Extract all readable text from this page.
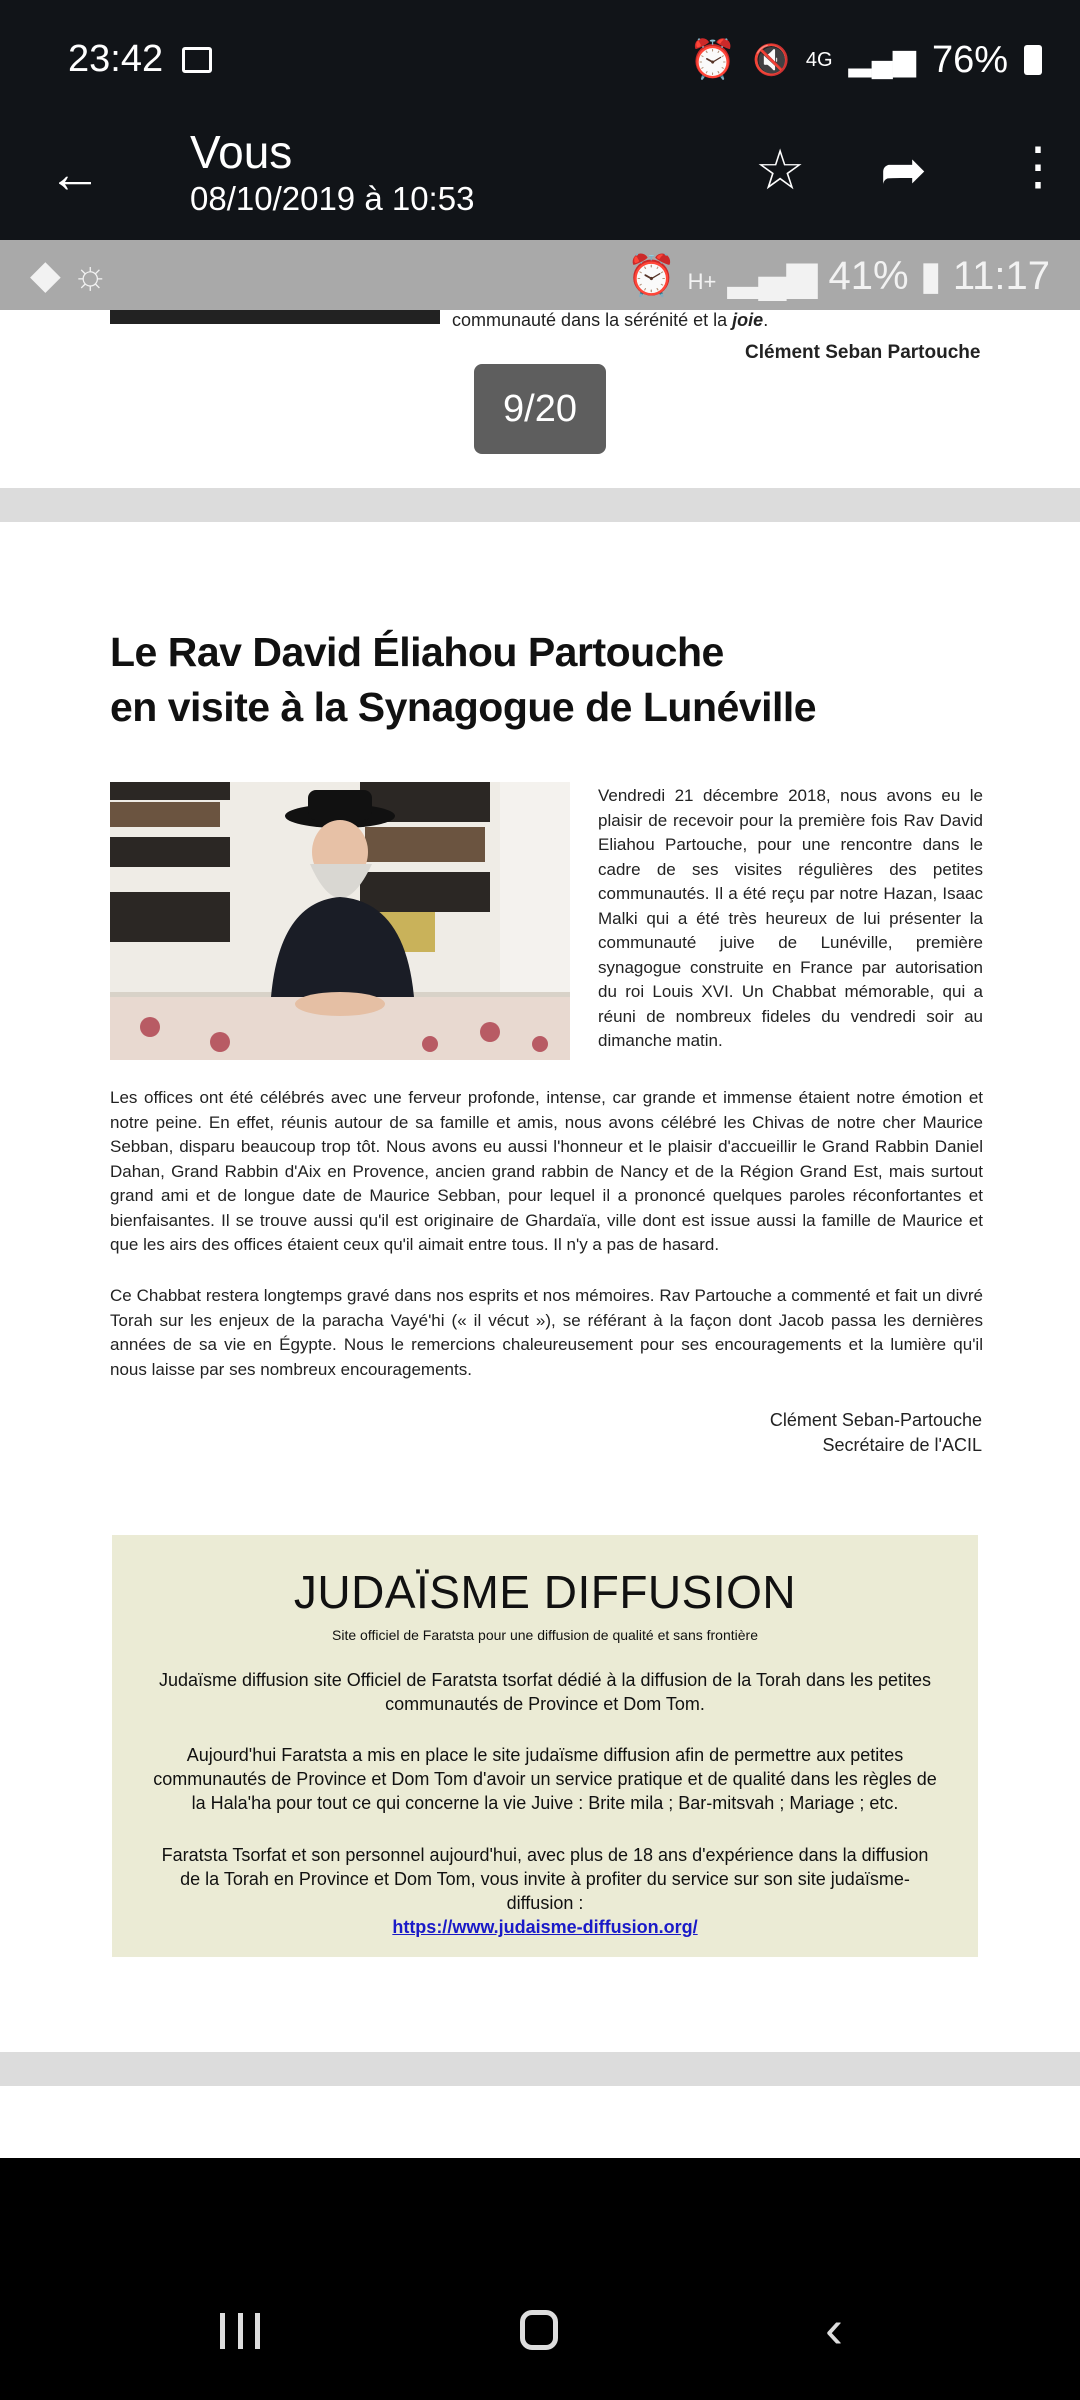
23:42	⏰ 🔇 4G ▂▄▆ 76%
← Vous
08/10/2019 à 10:53	☆ ➦ ⋮
◆ ☼	⏰ H+ ▂▄▆ 41% ▮ 11:17
communauté dans la sérénité et la joie.
Clément Seban Partouche
9/20
Le Rav David Éliahou Partouche
en visite à la Synagogue de Lunéville
Vendredi 21 décembre 2018, nous avons eu le plaisir de recevoir pour la première fois Rav David Eliahou Partouche, pour une rencontre dans le cadre de ses visites régulières des petites communautés. Il a été reçu par notre Hazan, Isaac Malki qui a été très heureux de lui présenter la communauté juive de Lunéville, première synagogue construite en France par autorisation du roi Louis XVI. Un Chabbat mémorable, qui a réuni de nombreux fideles du vendredi soir au dimanche matin.
Les offices ont été célébrés avec une ferveur profonde, intense, car grande et immense étaient notre émotion et notre peine. En effet, réunis autour de sa famille et amis, nous avons célébré les Chivas de notre cher Maurice Sebban, disparu beaucoup trop tôt. Nous avons eu aussi l'honneur et le plaisir d'accueillir le Grand Rabbin Daniel Dahan, Grand Rabbin d'Aix en Provence, ancien grand rabbin de Nancy et de la Région Grand Est, mais surtout grand ami et de longue date de Maurice Sebban, pour lequel il a prononcé quelques paroles réconfortantes et bienfaisantes. Il se trouve aussi qu'il est originaire de Ghardaïa, ville dont est issue aussi la famille de Maurice et que les airs des offices étaient ceux qu'il aimait entre tous. Il n'y a pas de hasard.
Ce Chabbat restera longtemps gravé dans nos esprits et nos mémoires. Rav Partouche a commenté et fait un divré Torah sur les enjeux de la paracha Vayé'hi (« il vécut »), se référant à la façon dont Jacob passa les dernières années de sa vie en Égypte. Nous le remercions chaleureusement pour ses encouragements et la lumière qu'il nous laisse par ses nombreux encouragements.
Clément Seban-Partouche
Secrétaire de l'ACIL
JUDAÏSME DIFFUSION
Site officiel de Faratsta pour une diffusion de qualité et sans frontière
Judaïsme diffusion site Officiel de Faratsta tsorfat dédié à la diffusion de la Torah dans les petites communautés de Province et Dom Tom.
Aujourd'hui Faratsta a mis en place le site judaïsme diffusion afin de permettre aux petites communautés de Province et Dom Tom d'avoir un service pratique et de qualité dans les règles de la Hala'ha pour tout ce qui concerne la vie Juive : Brite mila ; Bar-mitsvah ; Mariage ; etc.
Faratsta Tsorfat et son personnel aujourd'hui, avec plus de 18 ans d'expérience dans la diffusion de la Torah en Province et Dom Tom, vous invite à profiter du service sur son site judaïsme-diffusion :
https://www.judaisme-diffusion.org/
‹
